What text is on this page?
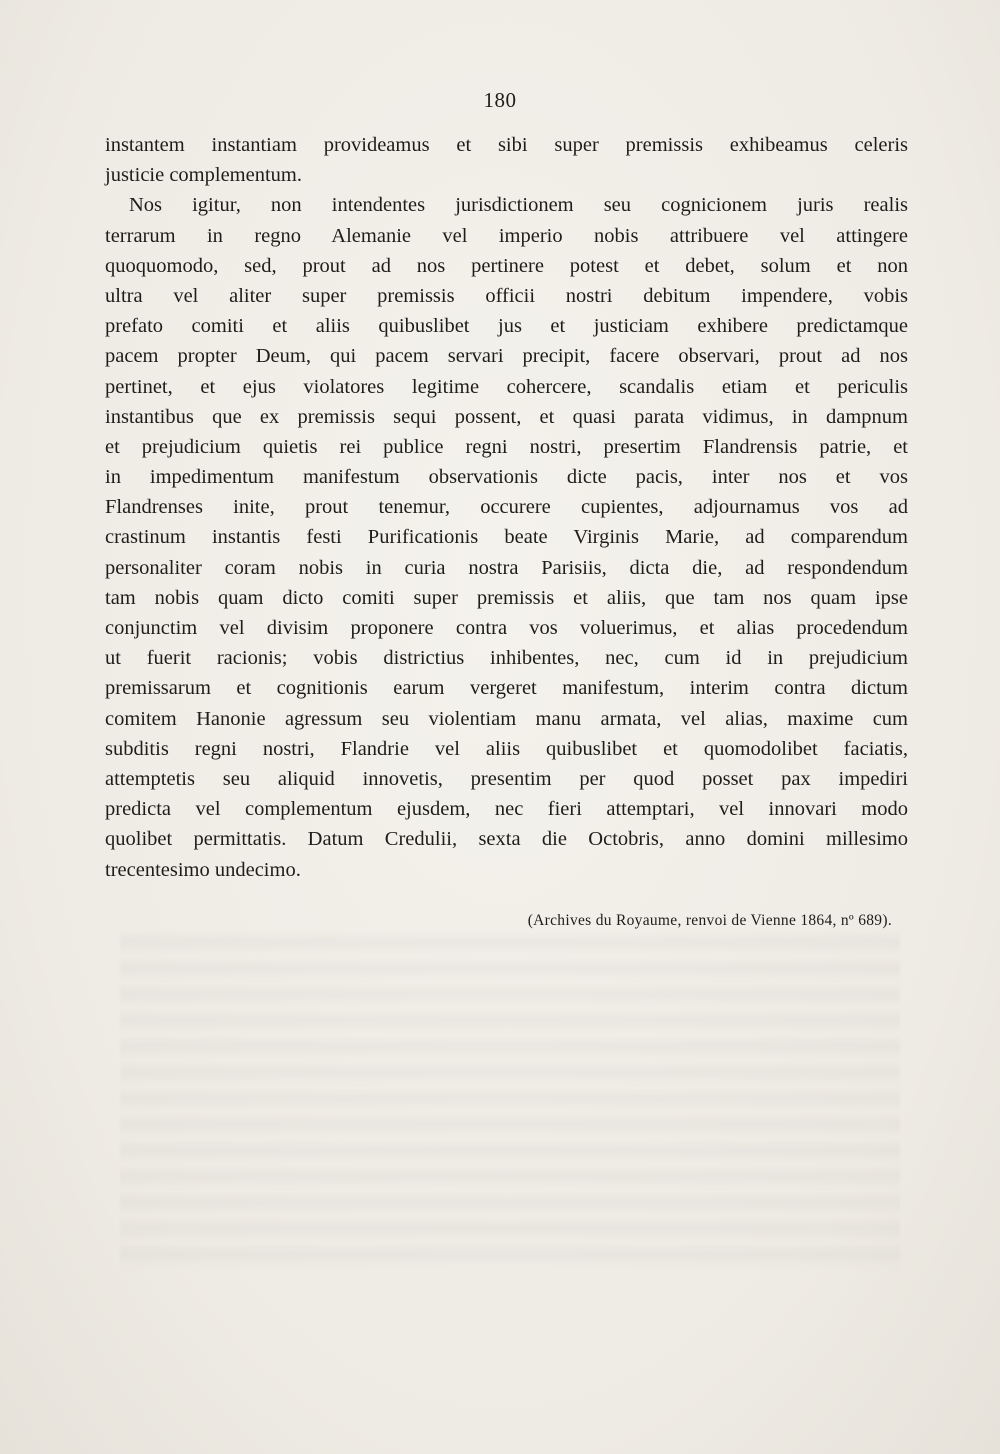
180
instantem instantiam provideamus et sibi super premissis exhibeamus celeris
justicie complementum.
Nos igitur, non intendentes jurisdictionem seu cognicionem juris realis
terrarum in regno Alemanie vel imperio nobis attribuere vel attingere
quoquomodo, sed, prout ad nos pertinere potest et debet, solum et non
ultra vel aliter super premissis officii nostri debitum impendere, vobis
prefato comiti et aliis quibuslibet jus et justiciam exhibere predictamque
pacem propter Deum, qui pacem servari precipit, facere observari, prout ad nos
pertinet, et ejus violatores legitime cohercere, scandalis etiam et periculis
instantibus que ex premissis sequi possent, et quasi parata vidimus, in dampnum
et prejudicium quietis rei publice regni nostri, presertim Flandrensis patrie, et
in impedimentum manifestum observationis dicte pacis, inter nos et vos
Flandrenses inite, prout tenemur, occurere cupientes, adjournamus vos ad
crastinum instantis festi Purificationis beate Virginis Marie, ad comparendum
personaliter coram nobis in curia nostra Parisiis, dicta die, ad respondendum
tam nobis quam dicto comiti super premissis et aliis, que tam nos quam ipse
conjunctim vel divisim proponere contra vos voluerimus, et alias procedendum
ut fuerit racionis; vobis districtius inhibentes, nec, cum id in prejudicium
premissarum et cognitionis earum vergeret manifestum, interim contra dictum
comitem Hanonie agressum seu violentiam manu armata, vel alias, maxime cum
subditis regni nostri, Flandrie vel aliis quibuslibet et quomodolibet faciatis,
attemptetis seu aliquid innovetis, presentim per quod posset pax impediri
predicta vel complementum ejusdem, nec fieri attemptari, vel innovari modo
quolibet permittatis. Datum Credulii, sexta die Octobris, anno domini millesimo
trecentesimo undecimo.
(Archives du Royaume, renvoi de Vienne 1864, nº 689).
